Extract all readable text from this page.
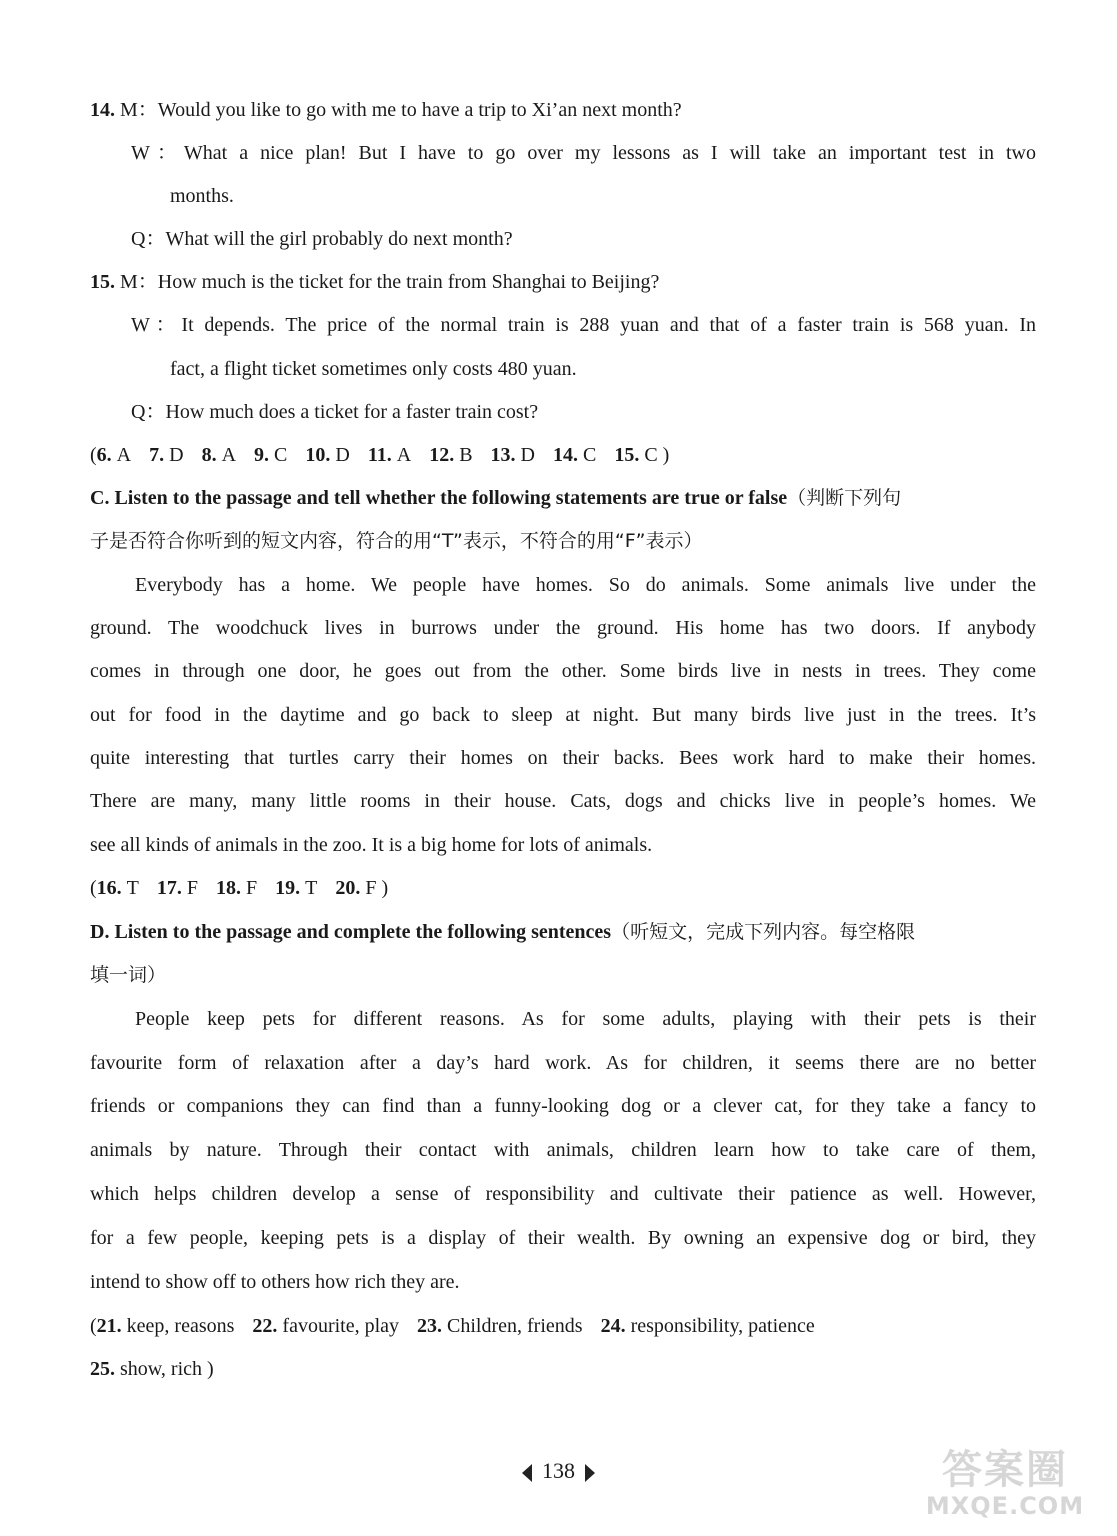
14. M：Would you like to go with me to have a trip to Xi’an next month?
W：What a nice plan! But I have to go over my lessons as I will take an important test in two
months.
Q：What will the girl probably do next month?
15. M：How much is the ticket for the train from Shanghai to Beijing?
W：It depends. The price of the normal train is 288 yuan and that of a faster train is 568 yuan. In
fact, a flight ticket sometimes only costs 480 yuan.
Q：How much does a ticket for a faster train cost?
(6. A 7. D 8. A 9. C 10. D 11. A 12. B 13. D 14. C 15. C )
C. Listen to the passage and tell whether the following statements are true or false（判断下列句
子是否符合你听到的短文内容，符合的用“T”表示，不符合的用“F”表示）
Everybody has a home. We people have homes. So do animals. Some animals live under the
ground. The woodchuck lives in burrows under the ground. His home has two doors. If anybody
comes in through one door, he goes out from the other. Some birds live in nests in trees. They come
out for food in the daytime and go back to sleep at night. But many birds live just in the trees. It’s
quite interesting that turtles carry their homes on their backs. Bees work hard to make their homes.
There are many, many little rooms in their house. Cats, dogs and chicks live in people’s homes. We
see all kinds of animals in the zoo. It is a big home for lots of animals.
(16. T 17. F 18. F 19. T 20. F )
D. Listen to the passage and complete the following sentences（听短文，完成下列内容。每空格限
填一词）
People keep pets for different reasons. As for some adults, playing with their pets is their
favourite form of relaxation after a day’s hard work. As for children, it seems there are no better
friends or companions they can find than a funny-looking dog or a clever cat, for they take a fancy to
animals by nature. Through their contact with animals, children learn how to take care of them,
which helps children develop a sense of responsibility and cultivate their patience as well. However,
for a few people, keeping pets is a display of their wealth. By owning an expensive dog or bird, they
intend to show off to others how rich they are.
(21. keep, reasons 22. favourite, play 23. Children, friends 24. responsibility, patience
25. show, rich )
138	答案圈
MXQE.COM
